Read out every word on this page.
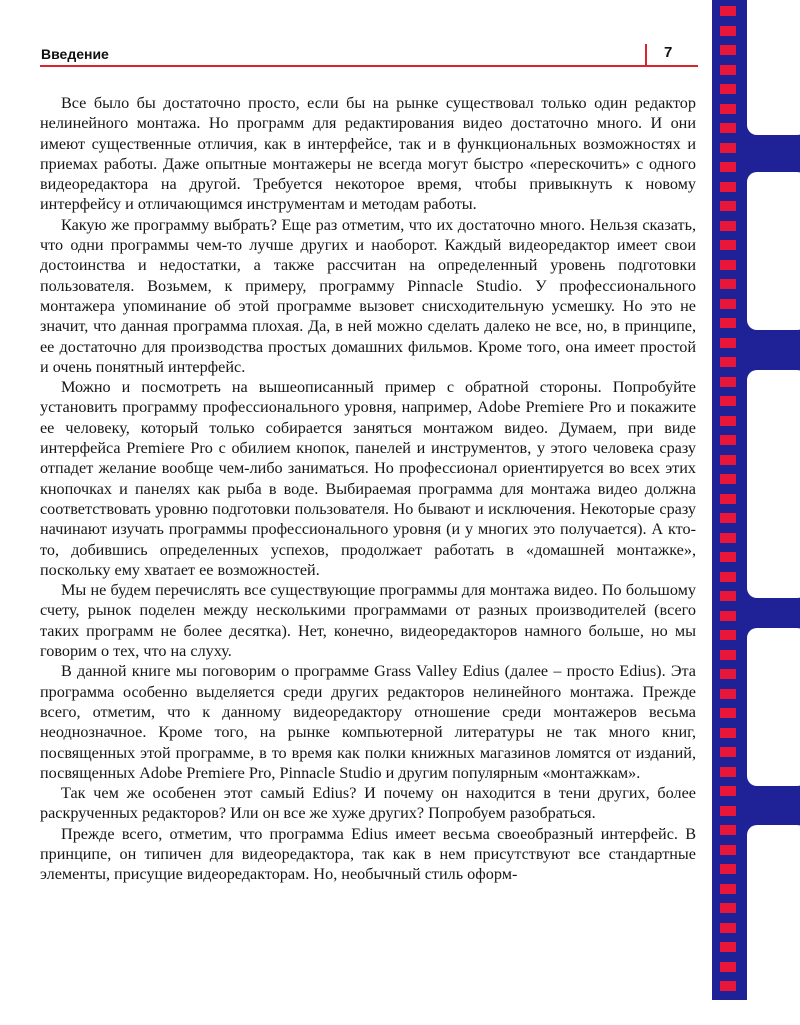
Введение	7

Все было бы достаточно просто, если бы на рынке существовал только один редактор нелинейного монтажа. Но программ для редактирования видео достаточно много. И они имеют существенные отличия, как в интерфейсе, так и в функциональных возможностях и приемах работы. Даже опытные монтажеры не всегда могут быстро «перескочить» с одного видеоредактора на другой. Требуется некоторое время, чтобы привыкнуть к новому интерфейсу и отличающимся инструментам и методам работы.

Какую же программу выбрать? Еще раз отметим, что их достаточно много. Нельзя сказать, что одни программы чем-то лучше других и наоборот. Каждый видеоредактор имеет свои достоинства и недостатки, а также рассчитан на определенный уровень подготовки пользователя. Возьмем, к примеру, программу Pinnacle Studio. У профессионального монтажера упоминание об этой программе вызовет снисходительную усмешку. Но это не значит, что данная программа плохая. Да, в ней можно сделать далеко не все, но, в принципе, ее достаточно для производства простых домашних фильмов. Кроме того, она имеет простой и очень понятный интерфейс.

Можно и посмотреть на вышеописанный пример с обратной стороны. Попробуйте установить программу профессионального уровня, например, Adobe Premiere Pro и покажите ее человеку, который только собирается заняться монтажом видео. Думаем, при виде интерфейса Premiere Pro с обилием кнопок, панелей и инструментов, у этого человека сразу отпадет желание вообще чем-либо заниматься. Но профессионал ориентируется во всех этих кнопочках и панелях как рыба в воде. Выбираемая программа для монтажа видео должна соответствовать уровню подготовки пользователя. Но бывают и исключения. Некоторые сразу начинают изучать программы профессионального уровня (и у многих это получается). А кто-то, добившись определенных успехов, продолжает работать в «домашней монтажке», поскольку ему хватает ее возможностей.

Мы не будем перечислять все существующие программы для монтажа видео. По большому счету, рынок поделен между несколькими программами от разных производителей (всего таких программ не более десятка). Нет, конечно, видеоредакторов намного больше, но мы говорим о тех, что на слуху.

В данной книге мы поговорим о программе Grass Valley Edius (далее – просто Edius). Эта программа особенно выделяется среди других редакторов нелинейного монтажа. Прежде всего, отметим, что к данному видеоредактору отношение среди монтажеров весьма неоднозначное. Кроме того, на рынке компьютерной литературы не так много книг, посвященных этой программе, в то время как полки книжных магазинов ломятся от изданий, посвященных Adobe Premiere Pro, Pinnacle Studio и другим популярным «монтажкам».

Так чем же особенен этот самый Edius? И почему он находится в тени других, более раскрученных редакторов? Или он все же хуже других? Попробуем разобраться.

Прежде всего, отметим, что программа Edius имеет весьма своеобразный интерфейс. В принципе, он типичен для видеоредактора, так как в нем присутствуют все стандартные элементы, присущие видеоредакторам. Но, необычный стиль оформ-
